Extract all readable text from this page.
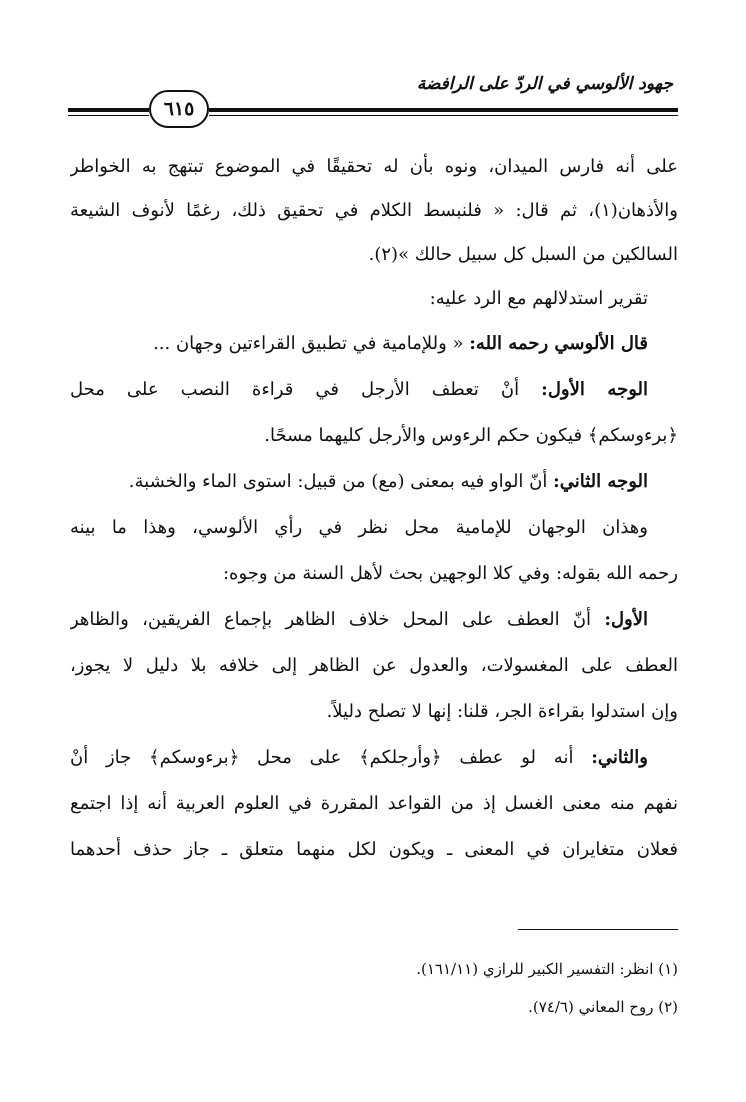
جهود الألوسي في الردّ على الرافضة
٦١٥
على أنه فارس الميدان، ونوه بأن له تحقيقًا في الموضوع تبتهج به الخواطر
والأذهان(١)، ثم قال: « فلنبسط الكلام في تحقيق ذلك، رغمًا لأنوف الشيعة
السالكين من السبل كل سبيل حالك »(٢).
تقرير استدلالهم مع الرد عليه:
قال الألوسي رحمه الله: « وللإمامية في تطبيق القراءتين وجهان ...
الوجه الأول: أنْ تعطف الأرجل في قراءة النصب على محل
﴿برءوسكم﴾ فيكون حكم الرءوس والأرجل كليهما مسحًا.
الوجه الثاني: أنّ الواو فيه بمعنى (مع) من قبيل: استوى الماء والخشبة.
وهذان الوجهان للإمامية محل نظر في رأي الألوسي، وهذا ما بينه
رحمه الله بقوله: وفي كلا الوجهين بحث لأهل السنة من وجوه:
الأول: أنّ العطف على المحل خلاف الظاهر بإجماع الفريقين، والظاهر
العطف على المغسولات، والعدول عن الظاهر إلى خلافه بلا دليل لا يجوز،
وإن استدلوا بقراءة الجر، قلنا: إنها لا تصلح دليلاً.
والثاني: أنه لو عطف ﴿وأرجلكم﴾ على محل ﴿برءوسكم﴾ جاز أنْ
نفهم منه معنى الغسل إذ من القواعد المقررة في العلوم العربية أنه إذا اجتمع
فعلان متغايران في المعنى ـ ويكون لكل منهما متعلق ـ جاز حذف أحدهما
(١) انظر: التفسير الكبير للرازي (١٦١/١١).
(٢) روح المعاني (٧٤/٦).
